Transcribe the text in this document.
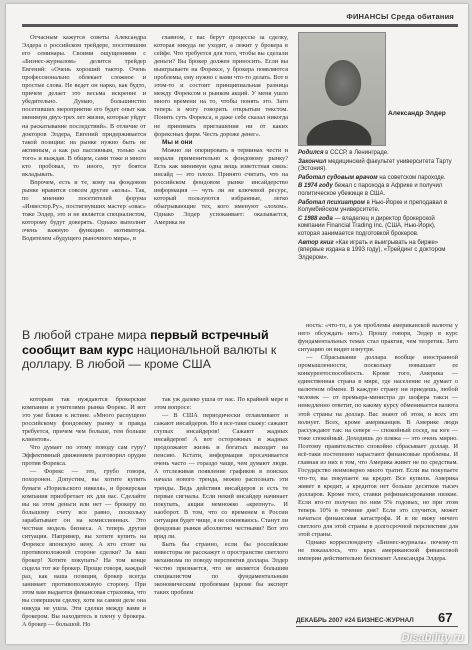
ФИНАНСЫ Среда обитания

Отчасным кажутся советы Александра Элдера о российском трейдере, посетившим его семинары. Своими ощущениями с «Бизнес-журналом» делится трейдер Евгений: «Очень хороший тактор. Очень профессионально облекает сложное и простые слова. Не ведет он нарко, как будто, причем делает это весьма искренне и убедительно. Думаю, большинство посетивших мероприятие его будет опыт как минимум двух-трех лет жизни, которые уйдут на раскатывание последствий». В отличие от докторов Элдера, Евгений придерживается такой позиции: на рынке нужно быть не активным, а как раз пассивным, только «за того» и выждав. В общем, сами тоже и много кто пробовал, то иного, тут боятся вкладывать.

Впрочем, есть и те, кому на фондовом рынке нравится совсем другие «козы». Так, по мнению посетителей форума «Инвестор.Ру», постигнувших мастер «овас» тоже Элдер, это и не является специалистом, которому будут доверять. Однако выполнят очень важную функцию мотиватора. Водителем «будущего рыночного мира», в

главном, с вас берут процессы за сделку, которая никуда не уходит, а лежит у брокера в сейфе. Что требуется для того, чтобы вы сделали деньги? Вы брокер должен приносить. Если вы выигрываете на Форексе, у брокера появляются проблемы, ему нужно с вами что-то делать. Вот в этом-то и состоит принципиальная разница между Форексом и рынком акций. У меня ушло много времени на то, чтобы понять это. Зато теперь я могу говорить открытым текстом. Понять суть Форекса, я даже себе сказал никогда не принимать приглашения ни от каких форексных фирм. Честь дороже денег».

Мы и они

Можно ли оперировать в терминах чести и морали применительно к фондовому рынку? Есть как минимум одна вещь изветстная связь: инсайд — это плохо. Принято считать, что на российском фондовом рынке инсайдерство информация — чуть ли не ключевой ресурс, который пользуются избранные, легко обыгрывающие тех, кого именуют «лохом». Однако Элдер успокаивает: оказывается, Америка не

Александр Элдер

Родился в СССР, в Ленинграде.

Закончил медицинский факультет университета Тарту (Эстония).

Работал судовым врачом на советском пароходе.

В 1974 году бежал с парохода в Африке и получил политическое убежище в США.

Работал психиатром в Нью-Йорке и преподавал в Колумбийском университете.

С 1988 года — владелец и директор брокерской компании Financial Trading Inc. (США, Нью-Йорк), которая занимается подготовкой брокеров.

Автор книг «Как играть и выигрывать на бирже» (впервые издана в 1993 году), «Трейдинг с доктором Элдером».

В любой стране мира первый встречный сообщит вам курс национальной валюты к доллару. В любой — кроме США

которым так нуждаются брокерские компании и учителями рынка Форекс. И вот это уже ближе к истине. «Много распущено российскому фондовому рынку и правда требуется, причем чем больше, тем больше клиентов».

Что думает по этому поводу сам гуру? Эффективный движением разговорил орудие против Форекса.

— Форекс — это, грубо говоря, похоронен. Допустим, вы хотите купить бумаги «Норильского никеля», и брокерская компания приобретает их для вас. Сделайте вы на этом деньги или нет — брокеру по большому счету все равно, поскольку зарабатывает он на комиссионных. Это честная модель бизнеса. А теперь другая ситуация. Например, вы хотите купить на Форексе японскую иену. А кто стоит на противоположной стороне сделки? За ваш брокер! Хотите покупать? На том конце сидела тот же брокер. Проще говоря, каждый раз, как ваша позиция, брокер всегда занимает противоположную сторону. При этом вам выдается финансовая страховка, что вы совершили сделку, хотя на самом деле она никуда не ушла. Эти сделки между вами и брокером. Вы находитесь в плену у брокера. А брокер — большой. Но

так уж далеко ушла от нас. По крайней мере в этом вопросе:

— В США периодически отлавливают и сажают инсайдеров. Но я все-таки скажу: сажают глупых инсайдеров! Сажают жадных инсайдеров! А вот осторожных и жадных продолжают жизнь и богатых выходят на пенсию. Кстати, информация просачивается очень часто — гораздо чаще, чем думают люди. А отслеживая появление графиков в поисках начала нового тренда, можно распознать эти тренды. Ведь действия инсайдеров и есть те первые сигналы. Если некий инсайдер начинает покупать, акции немножко «крепнут». И наоборот. В том, что со временем в России ситуация будет чище, я не сомневаюсь. Станут ли фондовые рынки абсолютно честными? Вот это вряд ли.

Быть бы странно, если бы российские инвесторы не расскажут о пространстве светлого механизма по поводу перспектив доллара. Элдер честно признается, что не является большим специалистом по фундаментальным экономическим проблемам (кроме бы эксперт таких проблем

ность: «что-то, а уж проблемы американской валюты у него обсуждать нет»). Прошу говоря, Элдер в курс фундаментальных темах стал практик, чем теоретик. Зато ситуацию он видит изнутри.

— Сбрасывание доллара вообще иностранной промышленности, поскольку повышает ее конкурентоспособность. Кроме того, Америка — единственная страна в мире, где население не думает о валютном обмене. В каждую страну ни приедешь, любой человек — от премьера-министра до шофера такси — немедленно ответит, по какому курсу обменивается валюта этой страны на доллар. Вас знают об этом, и всех это волнует. Всех, кроме американцев. В Америке люди рассуждают так: на севере — спокойный сосед, на юге — тоже спокойный. Доходишь до пляжа — это очень мирно. Поэтому правительство спокойно сбрасывает доллар. И всё-таки постепенно нарастают финансовые проблемы. И главная из них в том, что Америка живет не по средствам. Государство неимоверно много тратит. Если вы покупаете что-то, вы покупаете на кредит. Все купили. Америка живет в кредит, а кредитов нет больше десятков тысяч долларов. Кроме того, ставки рефинансирования низкие. Если кто-то получил по ним 5% годовых, но при этом теперь 10% в течение дня? Если это случится, может начаться финансовая катастрофа. И я не вижу ничего светлого для этой страны в долгосрочной перспективе для этой страны.

Однако корреспонденту «Бизнес-журнала» почему-то не показалось, что крах американской финансовой империи действительно беспокоит Александра Элдера.

ДЕКАБРЬ 2007 #24 БИЗНЕС-ЖУРНАЛ 67
Disability.ru
